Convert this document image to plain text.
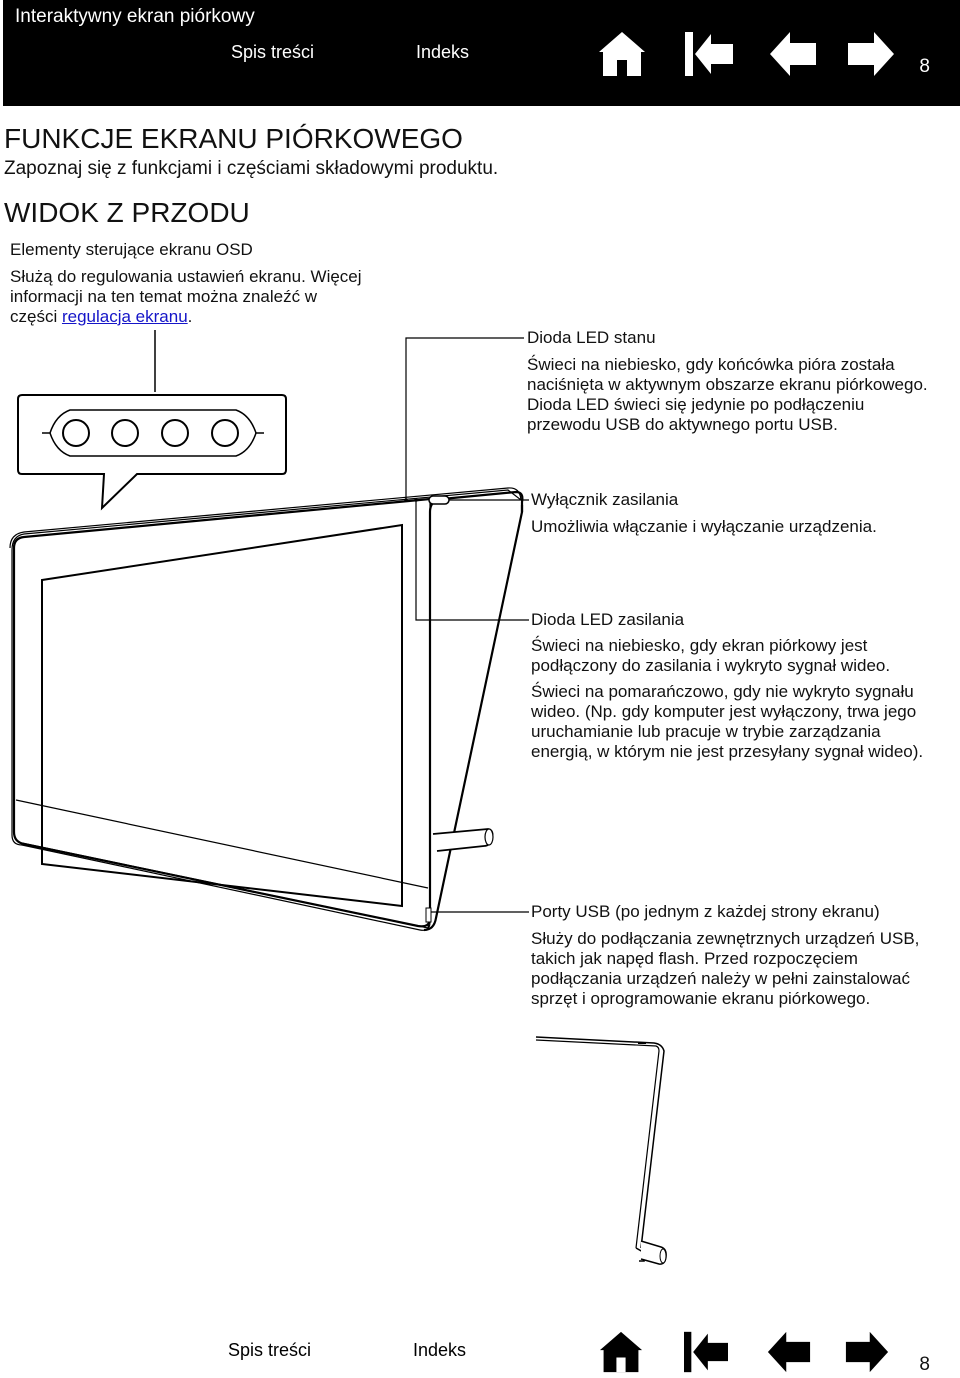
Interaktywny ekran piórkowy
Spis treści	Indeks
8
FUNKCJE EKRANU PIÓRKOWEGO
Zapoznaj się z funkcjami i częściami składowymi produktu.
WIDOK Z PRZODU
Elementy sterujące ekranu OSD
Służą do regulowania ustawień ekranu. Więcej
informacji na ten temat można znaleźć w
części regulacja ekranu.
Dioda LED stanu
Świeci na niebiesko, gdy końcówka pióra została
naciśnięta w aktywnym obszarze ekranu piórkowego.
Dioda LED świeci się jedynie po podłączeniu
przewodu USB do aktywnego portu USB.
Wyłącznik zasilania
Umożliwia włączanie i wyłączanie urządzenia.
Dioda LED zasilania
Świeci na niebiesko, gdy ekran piórkowy jest
podłączony do zasilania i wykryto sygnał wideo.
Świeci na pomarańczowo, gdy nie wykryto sygnału
wideo. (Np. gdy komputer jest wyłączony, trwa jego
uruchamianie lub pracuje w trybie zarządzania
energią, w którym nie jest przesyłany sygnał wideo).
Porty USB (po jednym z każdej strony ekranu)
Służy do podłączania zewnętrznych urządzeń USB,
takich jak napęd flash. Przed rozpoczęciem
podłączania urządzeń należy w pełni zainstalować
sprzęt i oprogramowanie ekranu piórkowego.
Spis treści	Indeks
8
